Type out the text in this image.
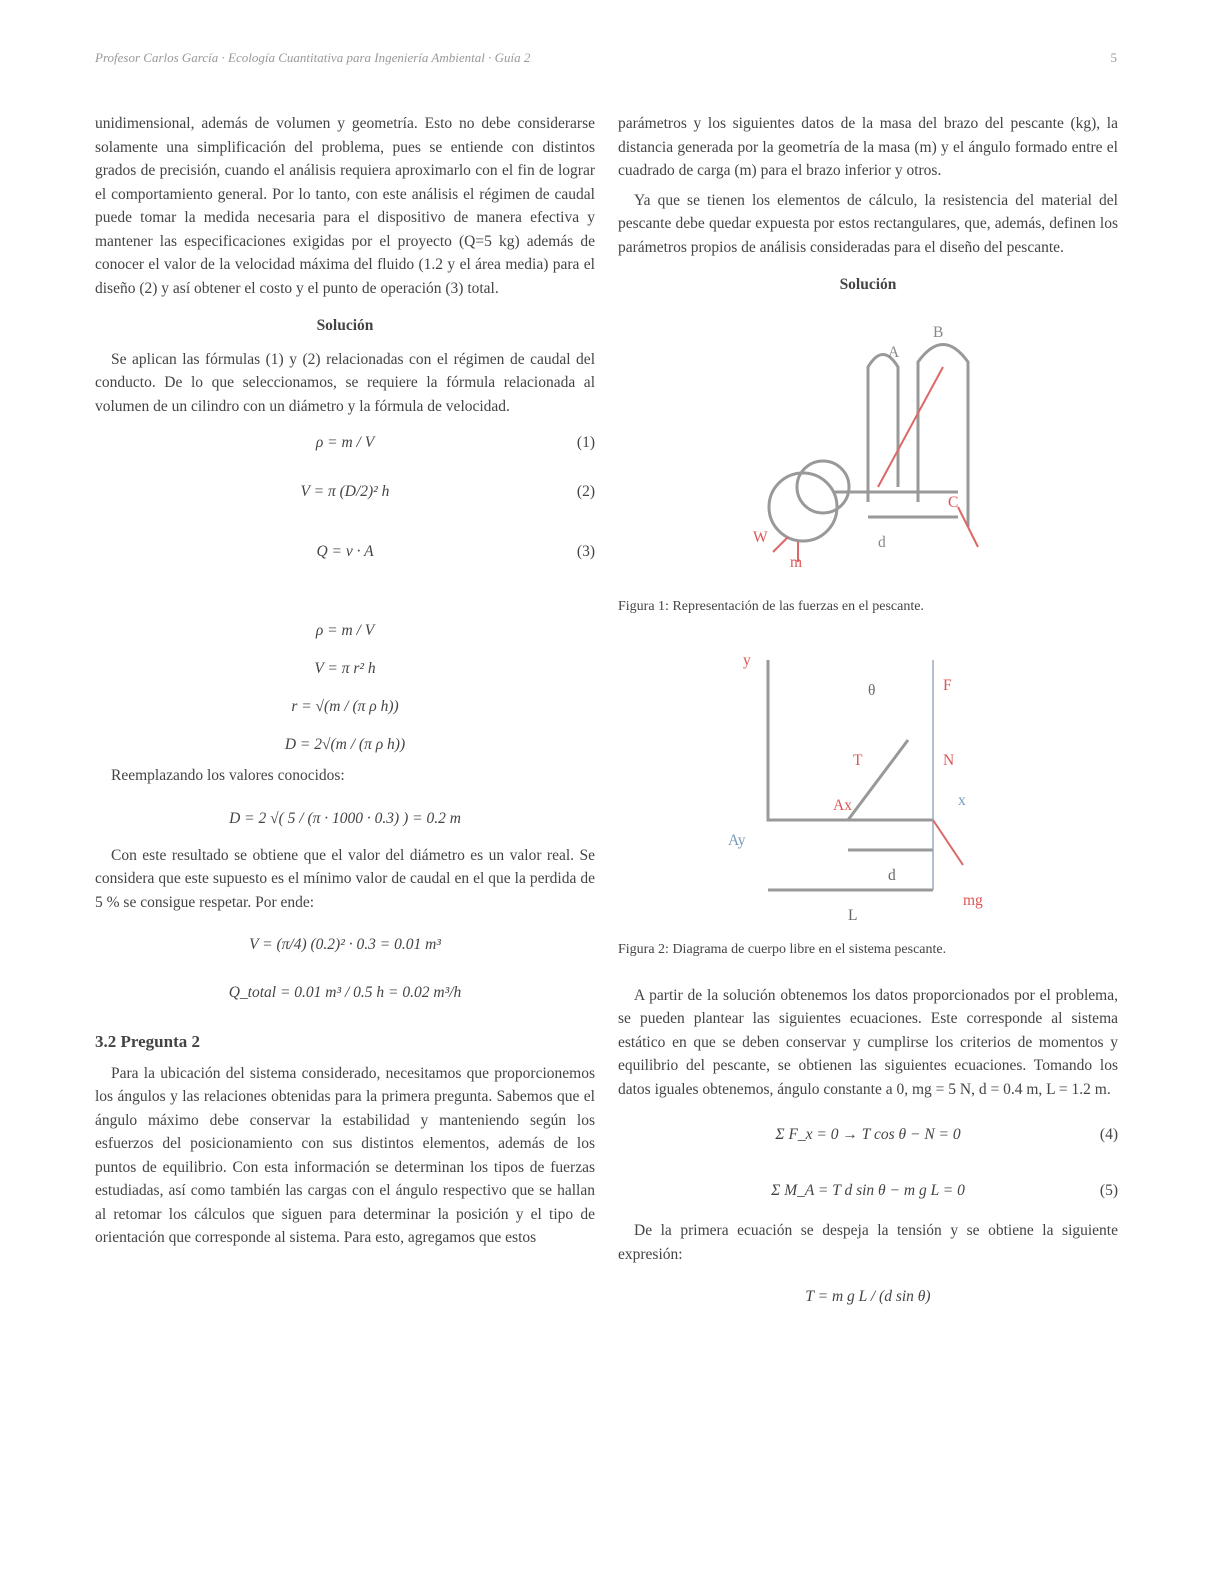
Profesor Carlos García · Ecología Cuantitativa para Ingeniería Ambiental · Guía 2	5

unidimensional, además de volumen y geometría. Esto no debe considerarse solamente una simplificación del problema, pues se entiende con distintos grados de precisión, cuando el análisis requiera aproximarlo con el fin de lograr el comportamiento general. Por lo tanto, con este análisis el régimen de caudal puede tomar la medida necesaria para el dispositivo de manera efectiva y mantener las especificaciones exigidas por el proyecto (Q=5 kg) además de conocer el valor de la velocidad máxima del fluido (1.2 y el área media) para el diseño (2) y así obtener el costo y el punto de operación (3) total.

Solución

Se aplican las fórmulas (1) y (2) relacionadas con el régimen de caudal del conducto. De lo que seleccionamos, se requiere la fórmula relacionada al volumen de un cilindro con un diámetro y la fórmula de velocidad.

ρ = m / V	(1)
V = π (D/2)² h	(2)
Q = v · A	(3)
ρ = m / V
V = π r² h
r = √(m / (π ρ h))
D = 2√(m / (π ρ h))

Reemplazando los valores conocidos:

D = 2 √( 5 / (π · 1000 · 0.3) ) = 0.2 m

Con este resultado se obtiene que el valor del diámetro es un valor real. Se considera que este supuesto es el mínimo valor de caudal en el que la perdida de 5 % se consigue respetar. Por ende:

V = (π/4) (0.2)² · 0.3 = 0.01 m³
Q_total = 0.01 m³ / 0.5 h = 0.02 m³/h
3.2 Pregunta 2

Para la ubicación del sistema considerado, necesitamos que proporcionemos los ángulos y las relaciones obtenidas para la primera pregunta. Sabemos que el ángulo máximo debe conservar la estabilidad y manteniendo según los esfuerzos del posicionamiento con sus distintos elementos, además de los puntos de equilibrio. Con esta información se determinan los tipos de fuerzas estudiadas, así como también las cargas con el ángulo respectivo que se hallan al retomar los cálculos que siguen para determinar la posición y el tipo de orientación que corresponde al sistema. Para esto, agregamos que estos

parámetros y los siguientes datos de la masa del brazo del pescante (kg), la distancia generada por la geometría de la masa (m) y el ángulo formado entre el cuadrado de carga (m) para el brazo inferior y otros.

Ya que se tienen los elementos de cálculo, la resistencia del material del pescante debe quedar expuesta por estos rectangulares, que, además, definen los parámetros propios de análisis consideradas para el diseño del pescante.

Solución
A
B
C
W
m
d
Figura 1: Representación de las fuerzas en el pescante.
y
θ	F
T	N
Ax	x
Ay
d
L
mg
Figura 2: Diagrama de cuerpo libre en el sistema pescante.

A partir de la solución obtenemos los datos proporcionados por el problema, se pueden plantear las siguientes ecuaciones. Este corresponde al sistema estático en que se deben conservar y cumplirse los criterios de momentos y equilibrio del pescante, se obtienen las siguientes ecuaciones. Tomando los datos iguales obtenemos, ángulo constante a 0, mg = 5 N, d = 0.4 m, L = 1.2 m.

Σ F_x = 0 → T cos θ − N = 0	(4)
Σ M_A = T d sin θ − m g L = 0	(5)

De la primera ecuación se despeja la tensión y se obtiene la siguiente expresión:

T = m g L / (d sin θ)
